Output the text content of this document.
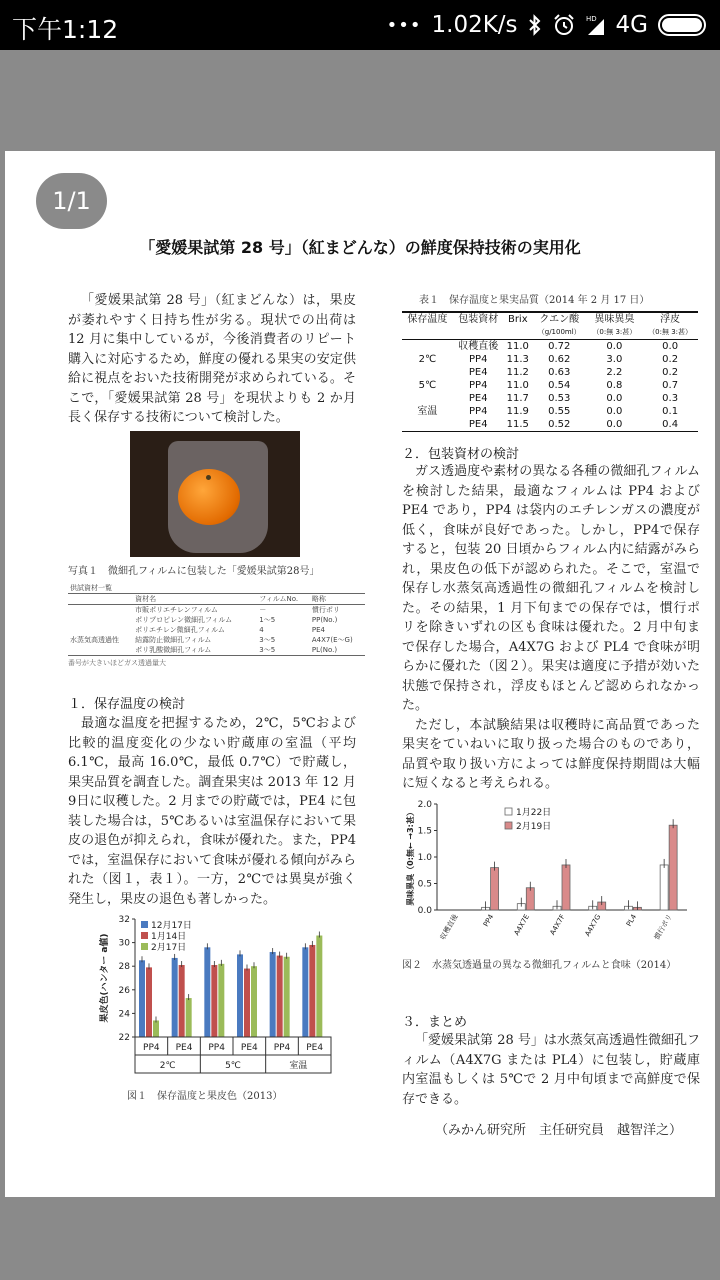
下午1:12	••• 1.02K/s	HD 4G
1/1
「愛媛果試第 28 号」（紅まどんな）の鮮度保持技術の実用化

「愛媛果試第 28 号」（紅まどんな）は，果皮が萎れやすく日持ち性が劣る。現状での出荷は 12 月に集中しているが，今後消費者のリピート購入に対応するため，鮮度の優れる果実の安定供給に視点をおいた技術開発が求められている。そこで，「愛媛果試第 28 号」を現状よりも 2 か月長く保存する技術について検討した。

写真１　微細孔フィルムに包装した「愛媛果試第28号」
供試資材一覧			
	資材名	フィルムNo.	略称
	市販ポリエチレンフィルム	－	慣行ポリ
	ポリプロピレン微細孔フィルム	1～5	PP(No.)
	ポリエチレン微細孔フィルム	4	PE4
水蒸気高透過性	結露防止微細孔フィルム	3～5	A4X7(E～G)
	ポリ乳酸微細孔フィルム	3～5	PL(No.)
番号が大きいほどガス透過量大
１．保存温度の検討

最適な温度を把握するため，2℃，5℃および比較的温度変化の少ない貯蔵庫の室温（平均 6.1℃，最高 16.0℃，最低 0.7℃）で貯蔵し，果実品質を調査した。調査果実は 2013 年 12 月 9日に収穫した。2 月までの貯蔵では，PE4 に包装した場合は，5℃あるいは室温保存において果皮の退色が抑えられ，食味が優れた。また，PP4では，室温保存において食味が優れる傾向がみられた（図１，表１）。一方，2℃では異臭が強く発生し，果皮の退色も著しかった。

22
24
26
28
30
32
果皮色(ハンター a値)
PP4 PE4 PP4 PE4 PP4 PE4
2℃	5℃	室温
12月17日
1月14日
2月17日
図１　保存温度と果皮色（2013）
表１　保存温度と果実品質（2014 年 2 月 17 日）
保存温度	包装資材	Brix	クエン酸	異味異臭	浮皮
			（g/100ml）	（0:無 3:甚）	（0:無 3:甚）
	収穫直後	11.0	0.72	0.0	0.0
2℃	PP4	11.3	0.62	3.0	0.2
	PE4	11.2	0.63	2.2	0.2
5℃	PP4	11.0	0.54	0.8	0.7
	PE4	11.7	0.53	0.0	0.3
室温	PP4	11.9	0.55	0.0	0.1
	PE4	11.5	0.52	0.0	0.4
２．包装資材の検討

ガス透過度や素材の異なる各種の微細孔フィルムを検討した結果，最適なフィルムは PP4 および PE4 であり，PP4 は袋内のエチレンガスの濃度が低く，食味が良好であった。しかし，PP4で保存すると，包装 20 日頃からフィルム内に結露がみられ，果皮色の低下が認められた。そこで，室温で保存し水蒸気高透過性の微細孔フィルムを検討した。その結果，1 月下旬までの保存では，慣行ポリを除きいずれの区も食味は優れた。2 月中旬まで保存した場合，A4X7G および PL4 で食味が明らかに優れた（図２）。果実は適度に予措が効いた状態で保持され，浮皮もほとんど認められなかった。
ただし，本試験結果は収穫時に高品質であった果実をていねいに取り扱った場合のものであり，品質や取り扱い方によっては鮮度保持期間は大幅に短くなると考えられる。

0.0
0.5
1.0
1.5
2.0
異味異臭（0:無← →3:甚）
収穫直後	PP4 A4X7E	A4X7F A4X7G	PL4 慣行ポリ
1月22日
2月19日
図２　水蒸気透過量の異なる微細孔フィルムと食味（2014）
３．まとめ

「愛媛果試第 28 号」は水蒸気高透過性微細孔フィルム（A4X7G または PL4）に包装し，貯蔵庫内室温もしくは 5℃で 2 月中旬頃まで高鮮度で保存できる。

（みかん研究所　主任研究員　越智洋之）
